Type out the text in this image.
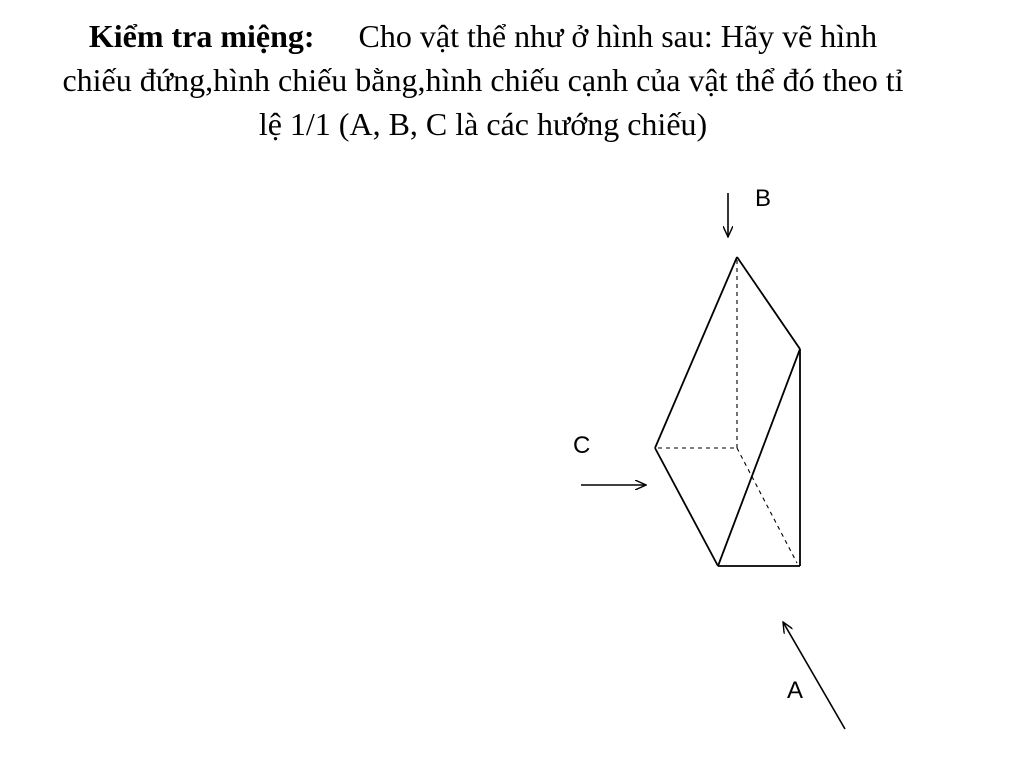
Kiểm tra miệng: Cho vật thể như ở hình sau: Hãy vẽ hình
chiếu đứng,hình chiếu bằng,hình chiếu cạnh của vật thể đó theo tỉ
lệ 1/1 (A, B, C là các hướng chiếu)
B
C
A
